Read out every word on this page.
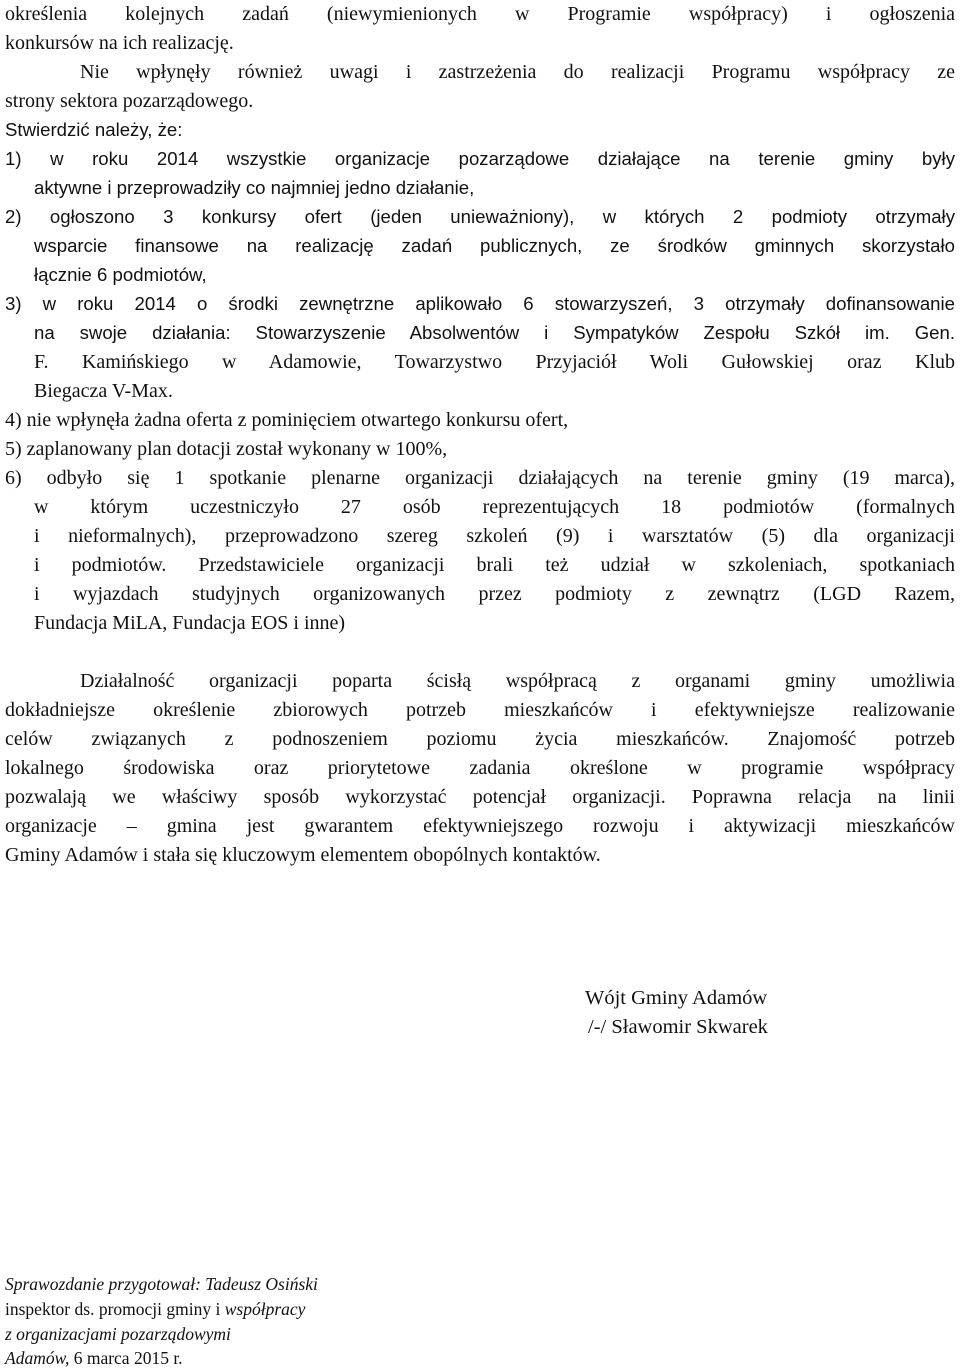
określenia kolejnych zadań (niewymienionych w Programie współpracy) i ogłoszenia
konkursów na ich realizację.
Nie wpłynęły również uwagi i zastrzeżenia do realizacji Programu współpracy ze
strony sektora pozarządowego.
Stwierdzić należy, że:
1) w roku 2014 wszystkie organizacje pozarządowe działające na terenie gminy były
aktywne i przeprowadziły co najmniej jedno działanie,
2) ogłoszono 3 konkursy ofert (jeden unieważniony), w których 2 podmioty otrzymały
wsparcie finansowe na realizację zadań publicznych, ze środków gminnych skorzystało
łącznie 6 podmiotów,
3) w roku 2014 o środki zewnętrzne aplikowało 6 stowarzyszeń, 3 otrzymały dofinansowanie
na swoje działania: Stowarzyszenie Absolwentów i Sympatyków Zespołu Szkół im. Gen.
F. Kamińskiego w Adamowie, Towarzystwo Przyjaciół Woli Gułowskiej oraz Klub
Biegacza V-Max.
4) nie wpłynęła żadna oferta z pominięciem otwartego konkursu ofert,
5) zaplanowany plan dotacji został wykonany w 100%,
6) odbyło się 1 spotkanie plenarne organizacji działających na terenie gminy (19 marca),
w którym uczestniczyło 27 osób reprezentujących 18 podmiotów (formalnych
i nieformalnych), przeprowadzono szereg szkoleń (9) i warsztatów (5) dla organizacji
i podmiotów. Przedstawiciele organizacji brali też udział w szkoleniach, spotkaniach
i wyjazdach studyjnych organizowanych przez podmioty z zewnątrz (LGD Razem,
Fundacja MiLA, Fundacja EOS i inne)
Działalność organizacji poparta ścisłą współpracą z organami gminy umożliwia
dokładniejsze określenie zbiorowych potrzeb mieszkańców i efektywniejsze realizowanie
celów związanych z podnoszeniem poziomu życia mieszkańców. Znajomość potrzeb
lokalnego środowiska oraz priorytetowe zadania określone w programie współpracy
pozwalają we właściwy sposób wykorzystać potencjał organizacji. Poprawna relacja na linii
organizacje – gmina jest gwarantem efektywniejszego rozwoju i aktywizacji mieszkańców
Gminy Adamów i stała się kluczowym elementem obopólnych kontaktów.
Wójt Gminy Adamów
/-/ Sławomir Skwarek
Sprawozdanie przygotował: Tadeusz Osiński
inspektor ds. promocji gminy i współpracy
z organizacjami pozarządowymi
Adamów, 6 marca 2015 r.
